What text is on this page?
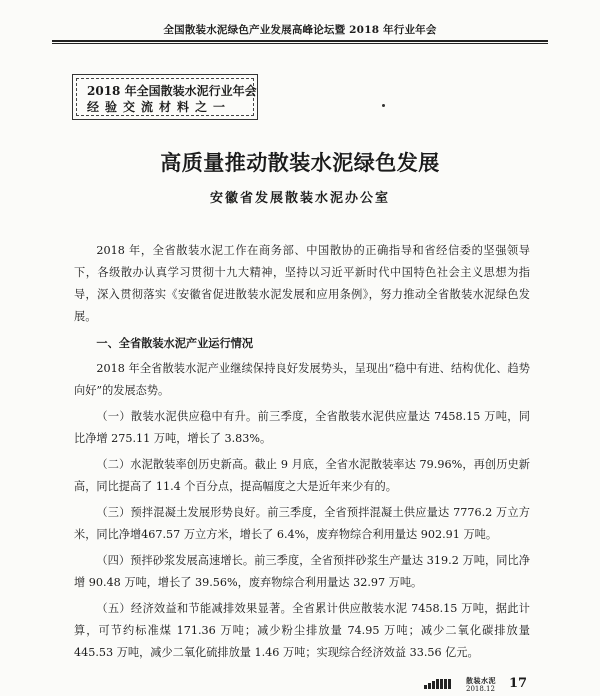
全国散装水泥绿色产业发展高峰论坛暨 2018 年行业年会
2018 年全国散装水泥行业年会
经验交流材料之一
高质量推动散装水泥绿色发展
安徽省发展散装水泥办公室

2018 年，全省散装水泥工作在商务部、中国散协的正确指导和省经信委的坚强领导下，各级散办认真学习贯彻十九大精神，坚持以习近平新时代中国特色社会主义思想为指导，深入贯彻落实《安徽省促进散装水泥发展和应用条例》，努力推动全省散装水泥绿色发展。

一、全省散装水泥产业运行情况

2018 年全省散装水泥产业继续保持良好发展势头，呈现出“稳中有进、结构优化、趋势向好”的发展态势。

（一）散装水泥供应稳中有升。前三季度，全省散装水泥供应量达 7458.15 万吨，同比净增 275.11 万吨，增长了 3.83%。

（二）水泥散装率创历史新高。截止 9 月底，全省水泥散装率达 79.96%，再创历史新高，同比提高了 11.4 个百分点，提高幅度之大是近年来少有的。

（三）预拌混凝土发展形势良好。前三季度，全省预拌混凝土供应量达 7776.2 万立方米，同比净增467.57 万立方米，增长了 6.4%，废弃物综合利用量达 902.91 万吨。

（四）预拌砂浆发展高速增长。前三季度，全省预拌砂浆生产量达 319.2 万吨，同比净增 90.48 万吨，增长了 39.56%，废弃物综合利用量达 32.97 万吨。

（五）经济效益和节能减排效果显著。全省累计供应散装水泥 7458.15 万吨，据此计算，可节约标准煤 171.36 万吨；减少粉尘排放量 74.95 万吨；减少二氧化碳排放量 445.53 万吨，减少二氧化硫排放量 1.46 万吨；实现综合经济效益 33.56 亿元。

散装水泥
2018.12 17
